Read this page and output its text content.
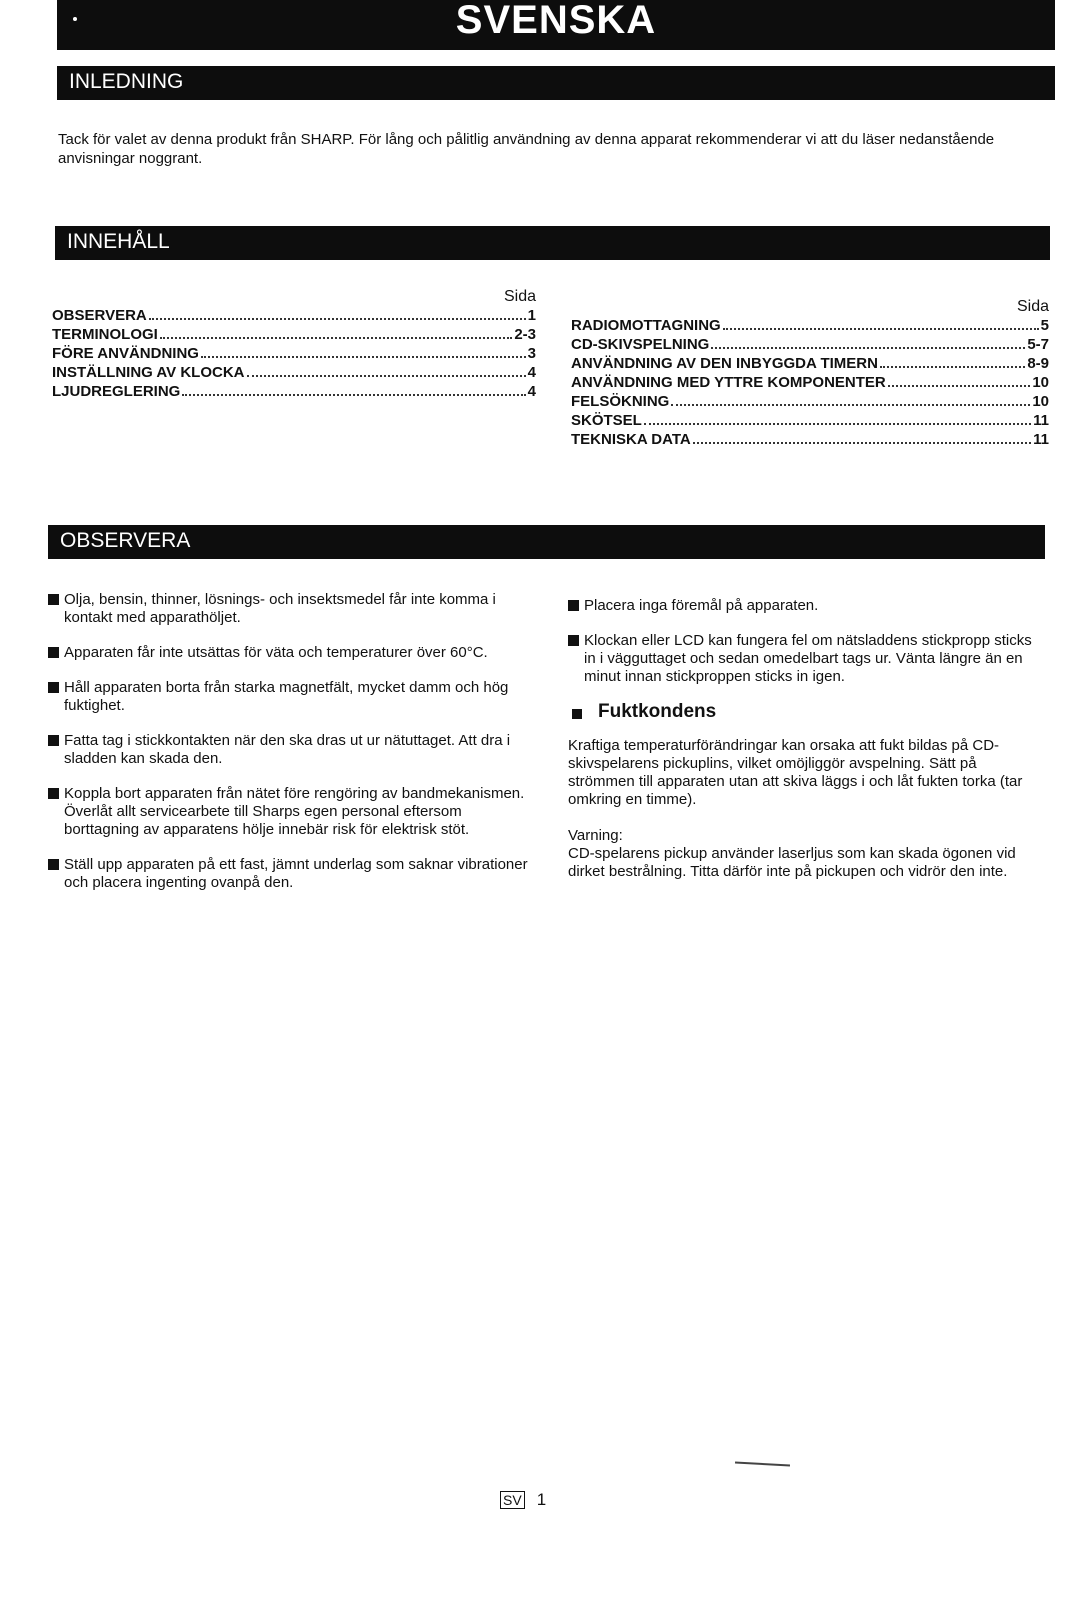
SVENSKA
INLEDNING
Tack för valet av denna produkt från SHARP. För lång och pålitlig användning av denna apparat rekommenderar vi att du läser nedanstående anvisningar noggrant.
INNEHÅLL
Sida
OBSERVERA	1
TERMINOLOGI	2-3
FÖRE ANVÄNDNING	3
INSTÄLLNING AV KLOCKA	4
LJUDREGLERING	4
Sida
RADIOMOTTAGNING	5
CD-SKIVSPELNING	5-7
ANVÄNDNING AV DEN INBYGGDA TIMERN	8-9
ANVÄNDNING MED YTTRE KOMPONENTER	10
FELSÖKNING	10
SKÖTSEL	11
TEKNISKA DATA	11
OBSERVERA
Olja, bensin, thinner, lösnings- och insektsmedel får inte komma i kontakt med apparathöljet.
Apparaten får inte utsättas för väta och temperaturer över 60°C.
Håll apparaten borta från starka magnetfält, mycket damm och hög fuktighet.
Fatta tag i stickkontakten när den ska dras ut ur nätuttaget. Att dra i sladden kan skada den.
Koppla bort apparaten från nätet före rengöring av bandmekanismen. Överlåt allt servicearbete till Sharps egen personal eftersom borttagning av apparatens hölje innebär risk för elektrisk stöt.
Ställ upp apparaten på ett fast, jämnt underlag som saknar vibrationer och placera ingenting ovanpå den.
Placera inga föremål på apparaten.
Klockan eller LCD kan fungera fel om nätsladdens stickpropp sticks in i vägguttaget och sedan omedelbart tags ur. Vänta längre än en minut innan stickproppen sticks in igen.
Fuktkondens
Kraftiga temperaturförändringar kan orsaka att fukt bildas på CD-skivspelarens pickuplins, vilket omöjliggör avspelning. Sätt på strömmen till apparaten utan att skiva läggs i och låt fukten torka (tar omkring en timme).
Varning:
CD-spelarens pickup använder laserljus som kan skada ögonen vid dirket bestrålning. Titta därför inte på pickupen och vidrör den inte.
SV 1
